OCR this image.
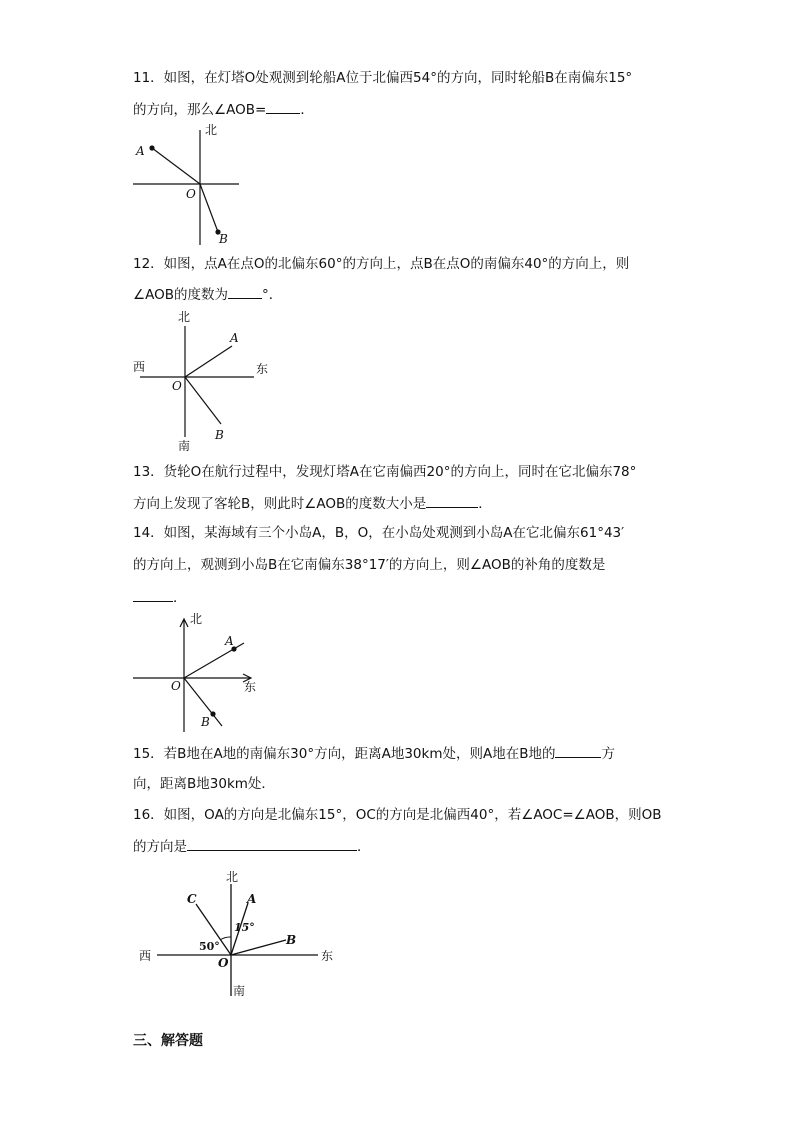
11．如图，在灯塔O处观测到轮船A位于北偏西54°的方向，同时轮船B在南偏东15°
的方向，那么∠AOB=	．
北
A
O
B
12．如图，点A在点O的北偏东60°的方向上，点B在点O的南偏东40°的方向上，则
∠AOB的度数为	°．
北
南
西	东
A
O
B
13．货轮O在航行过程中，发现灯塔A在它南偏西20°的方向上，同时在它北偏东78°
方向上发现了客轮B，则此时∠AOB的度数大小是	．
14．如图，某海域有三个小岛A，B，O，在小岛处观测到小岛A在它北偏东61°43′
的方向上，观测到小岛B在它南偏东38°17′的方向上，则∠AOB的补角的度数是
．
北
东
A
O
B
15．若B地在A地的南偏东30°方向，距离A地30km处，则A地在B地的	方
向，距离B地30km处．
16．如图，OA的方向是北偏东15°，OC的方向是北偏西40°，若∠AOC=∠AOB，则OB
的方向是	．
北
南
西	东
C	A
B
O
15°
50°
三、解答题
